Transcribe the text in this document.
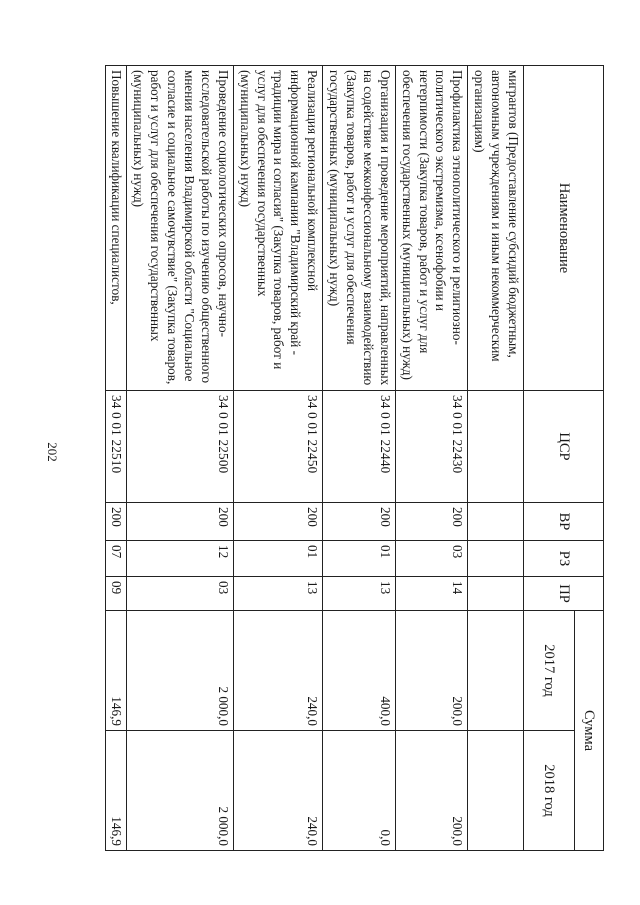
202
Наименование	ЦСР	ВР	РЗ	ПР	Сумма	
					2017 год	2018 год
мигрантов (Предоставление субсидий бюджетным, автономным учреждениям и иным некоммерческим организациям)						
Профилактика этнополитического и религиозно-политического экстремизма, ксенофобии и нетерпимости (Закупка товаров, работ и услуг для обеспечения государственных (муниципальных) нужд)	34 0 01 22430	200	03	14	200,0	200,0
Организация и проведение мероприятий, направленных на содействие межконфессиональному взаимодействию (Закупка товаров, работ и услуг для обеспечения государственных (муниципальных) нужд)	34 0 01 22440	200	01	13	400,0	0,0
Реализация региональной комплексной информационной кампании "Владимирский край - традиции мира и согласия" (Закупка товаров, работ и услуг для обеспечения государственных (муниципальных) нужд)	34 0 01 22450	200	01	13	240,0	240,0
Проведение социологических опросов, научно-исследовательской работы по изучению общественного мнения населения Владимирской области "Социальное согласие и социальное самочувствие" (Закупка товаров, работ и услуг для обеспечения государственных (муниципальных) нужд)	34 0 01 22500	200	12	03	2 000,0	2 000,0
Повышение квалификации специалистов,	34 0 01 22510	200	07	09	146,9	146,9
